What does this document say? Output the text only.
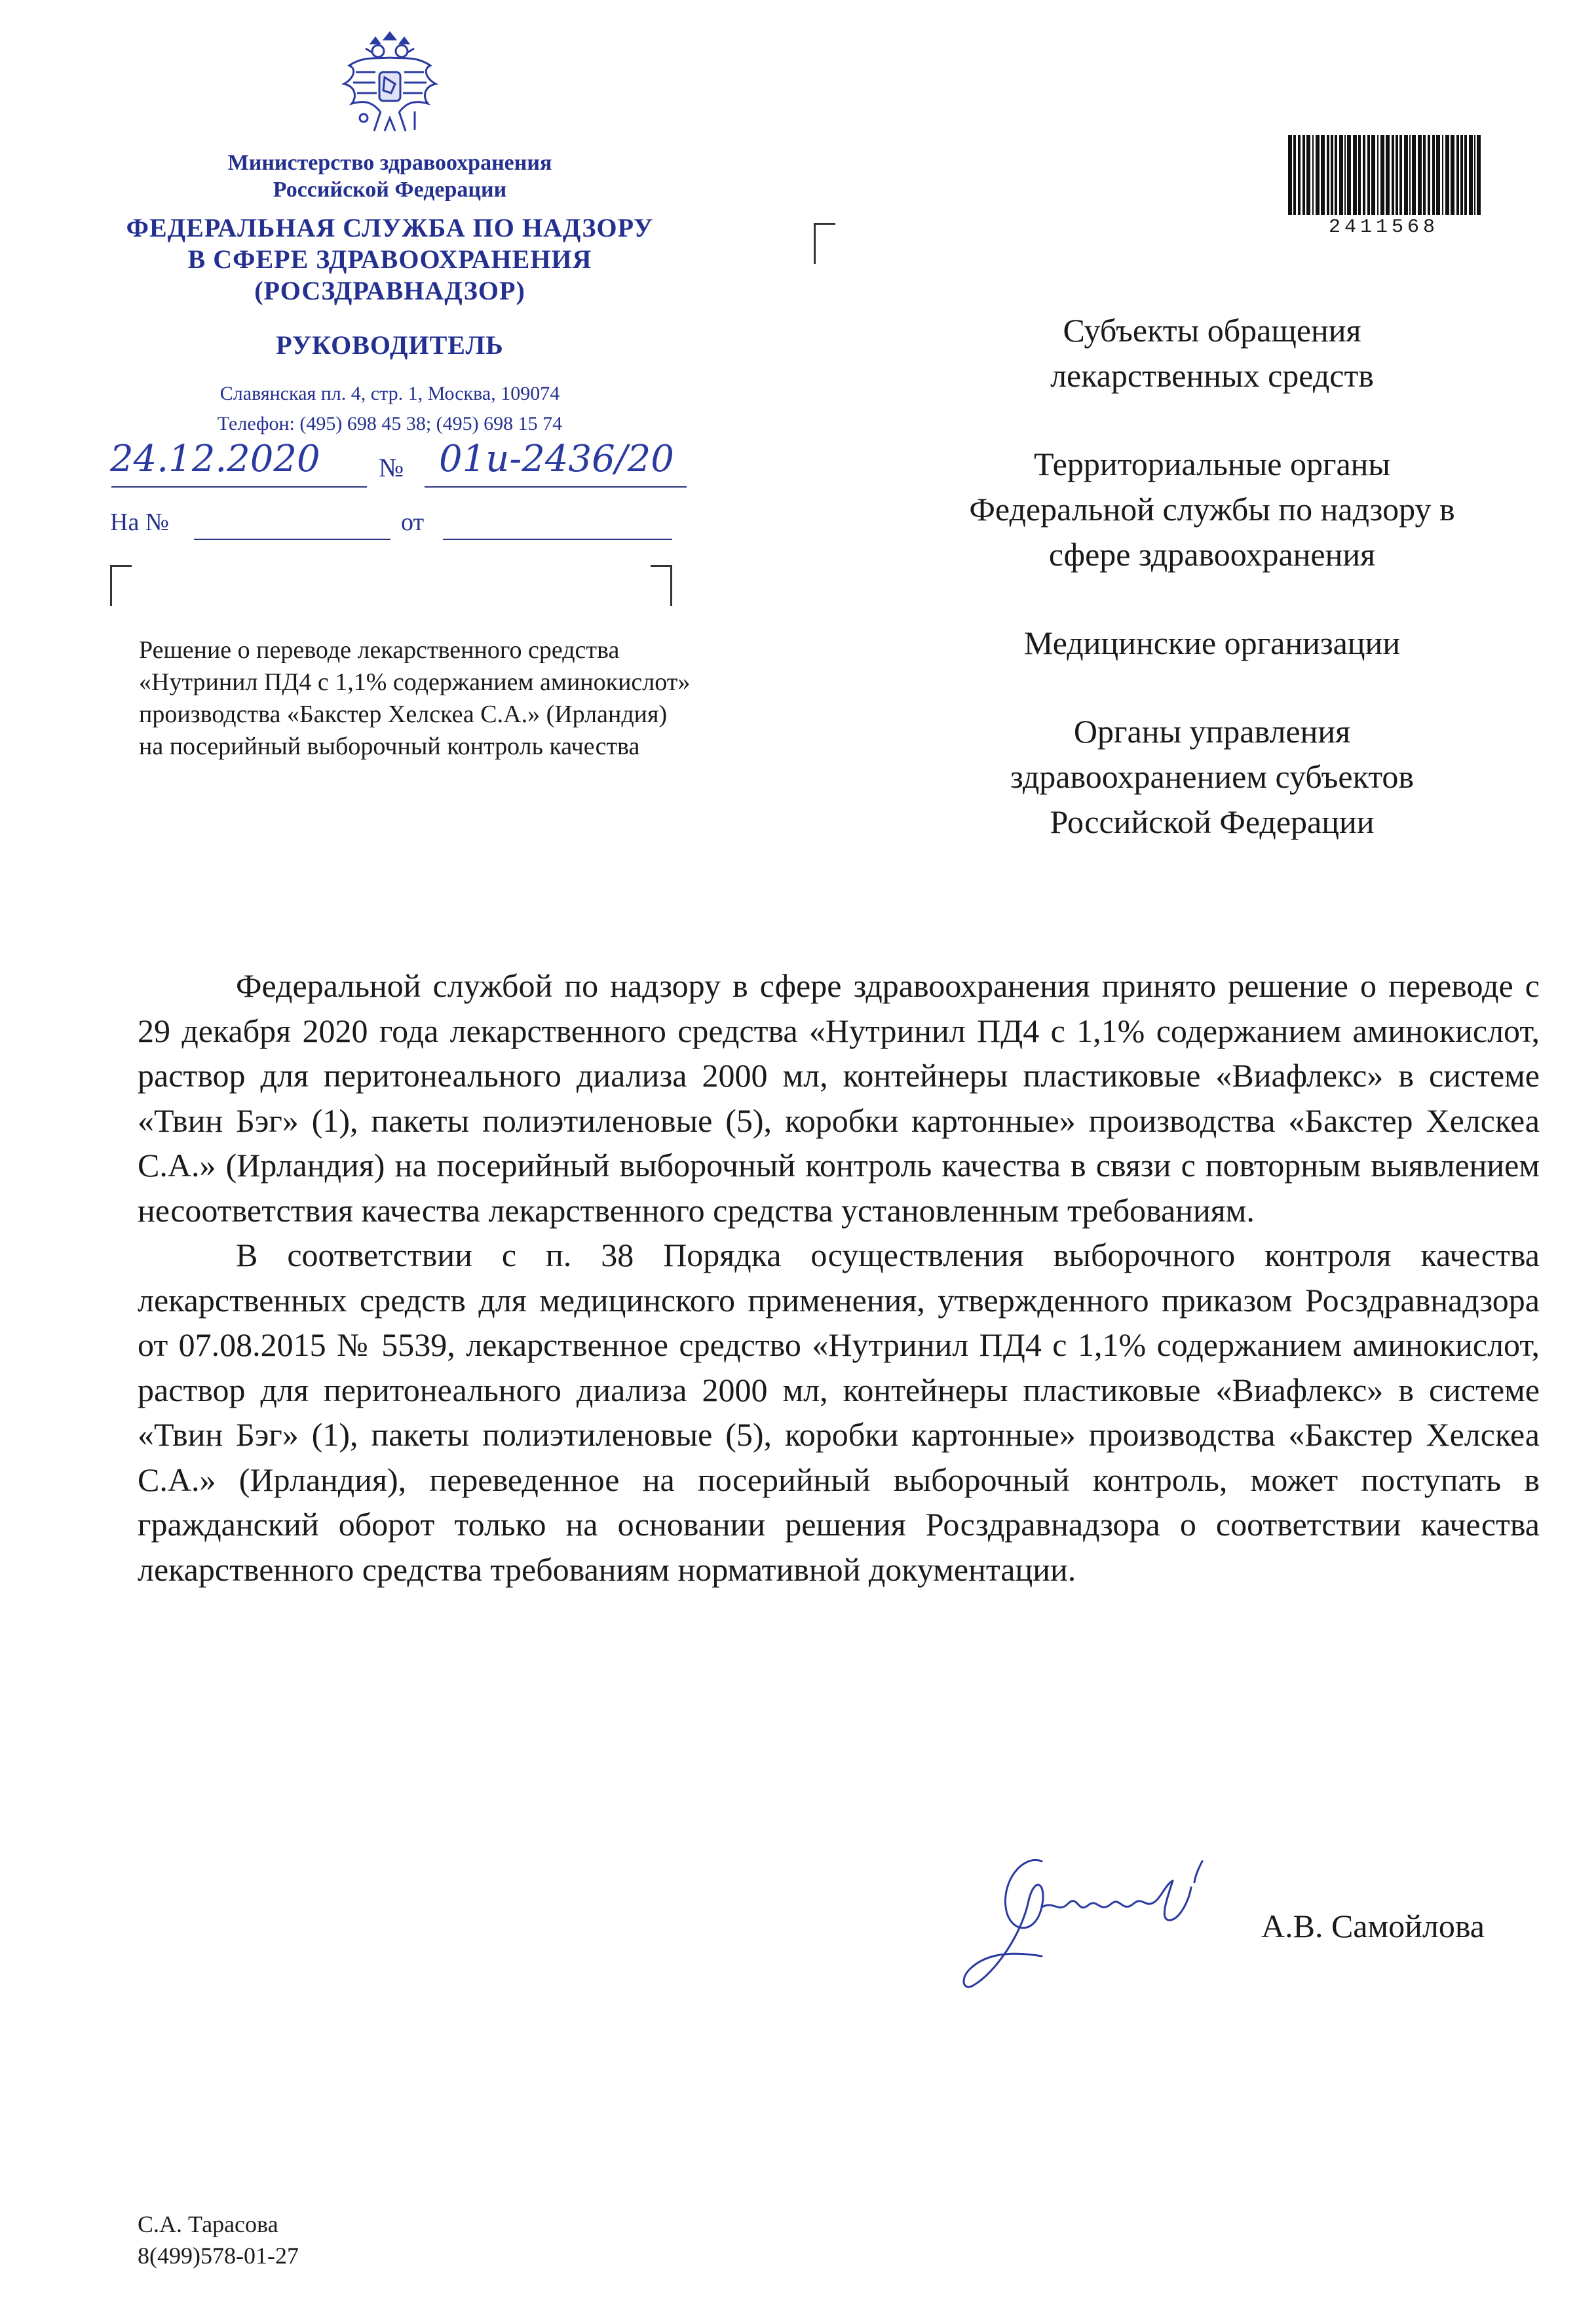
Министерство здравоохранения
Российской Федерации
ФЕДЕРАЛЬНАЯ СЛУЖБА ПО НАДЗОРУ
В СФЕРЕ ЗДРАВООХРАНЕНИЯ
(РОСЗДРАВНАДЗОР)
РУКОВОДИТЕЛЬ
Славянская пл. 4, стр. 1, Москва, 109074
Телефон: (495) 698 45 38; (495) 698 15 74
24.12.2020 № 01и-2436/20
На №	от
Решение о переводе лекарственного средства
«Нутринил ПД4 с 1,1% содержанием аминокислот»
производства «Бакстер Хелскеа С.А.» (Ирландия)
на посерийный выборочный контроль качества
2411568
Субъекты обращения
лекарственных средств
Территориальные органы
Федеральной службы по надзору в
сфере здравоохранения
Медицинские организации
Органы управления
здравоохранением субъектов
Российской Федерации

Федеральной службой по надзору в сфере здравоохранения принято решение о переводе с 29 декабря 2020 года лекарственного средства «Нутринил ПД4 с 1,1% содержанием аминокислот, раствор для перитонеального диализа 2000 мл, контейнеры пластиковые «Виафлекс» в системе «Твин Бэг» (1), пакеты полиэтиленовые (5), коробки картонные» производства «Бакстер Хелскеа С.А.» (Ирландия) на посерийный выборочный контроль качества в связи с повторным выявлением несоответствия качества лекарственного средства установленным требованиям.

В соответствии с п. 38 Порядка осуществления выборочного контроля качества лекарственных средств для медицинского применения, утвержденного приказом Росздравнадзора от 07.08.2015 № 5539, лекарственное средство «Нутринил ПД4 с 1,1% содержанием аминокислот, раствор для перитонеального диализа 2000 мл, контейнеры пластиковые «Виафлекс» в системе «Твин Бэг» (1), пакеты полиэтиленовые (5), коробки картонные» производства «Бакстер Хелскеа С.А.» (Ирландия), переведенное на посерийный выборочный контроль, может поступать в гражданский оборот только на основании решения Росздравнадзора о соответствии качества лекарственного средства требованиям нормативной документации.

А.В. Самойлова
С.А. Тарасова
8(499)578-01-27
